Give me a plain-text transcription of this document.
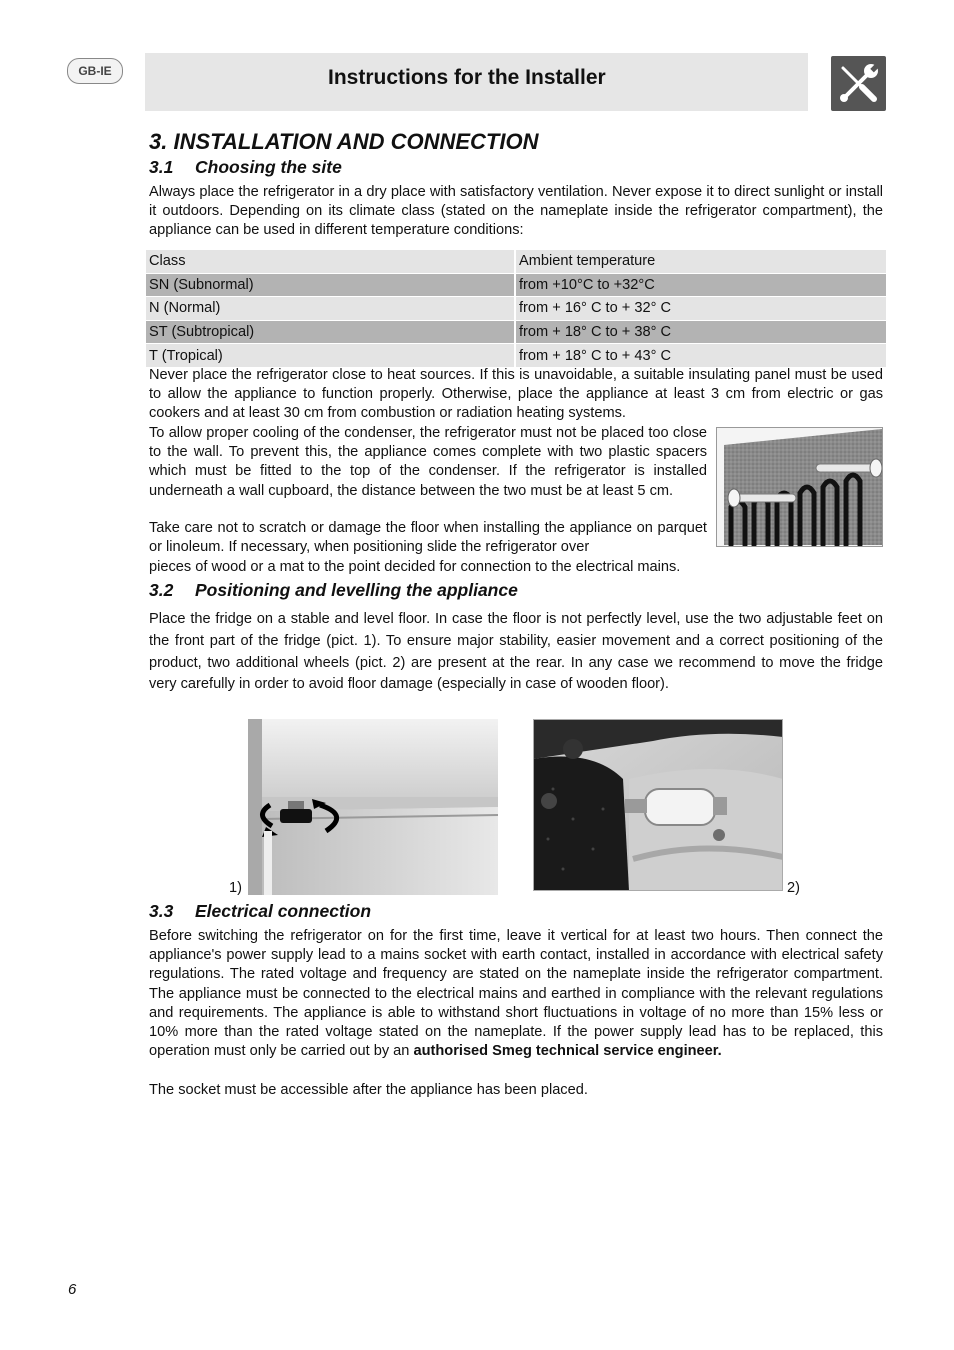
GB-IE	Instructions for the Installer
3. INSTALLATION AND CONNECTION
3.1 Choosing the site

Always place the refrigerator in a dry place with satisfactory ventilation. Never expose it to direct sunlight or install it outdoors. Depending on its climate class (stated on the nameplate inside the refrigerator compartment), the appliance can be used in different temperature conditions:

Class	Ambient temperature
SN (Subnormal)	from +10°C to +32°C
N (Normal)	from + 16° C to + 32° C
ST (Subtropical)	from + 18° C to + 38° C
T (Tropical)	from + 18° C to + 43° C

Never place the refrigerator close to heat sources. If this is unavoidable, a suitable insulating panel must be used to allow the appliance to function properly. Otherwise, place the appliance at least 3 cm from electric or gas cookers and at least 30 cm from combustion or radiation heating systems.

To allow proper cooling of the condenser, the refrigerator must not be placed too close to the wall. To prevent this, the appliance comes complete with two plastic spacers which must be fitted to the top of the condenser. If the refrigerator is installed underneath a wall cupboard, the distance between the two must be at least 5 cm.

Take care not to scratch or damage the floor when installing the appliance on parquet or linoleum. If necessary, when positioning slide the refrigerator over

pieces of wood or a mat to the point decided for connection to the electrical mains.

3.2 Positioning and levelling the appliance

Place the fridge on a stable and level floor. In case the floor is not perfectly level, use the two adjustable feet on the front part of the fridge (pict. 1). To ensure major stability, easier movement and a correct positioning of the product, two additional wheels (pict. 2) are present at the rear. In any case we recommend to move the fridge very carefully in order to avoid floor damage (especially in case of wooden floor).

1)	2)
3.3 Electrical connection

Before switching the refrigerator on for the first time, leave it vertical for at least two hours. Then connect the appliance's power supply lead to a mains socket with earth contact, installed in accordance with electrical safety regulations. The rated voltage and frequency are stated on the nameplate inside the refrigerator compartment. The appliance must be connected to the electrical mains and earthed in compliance with the relevant regulations and requirements. The appliance is able to withstand short fluctuations in voltage of no more than 15% less or 10% more than the rated voltage stated on the nameplate. If the power supply lead has to be replaced, this operation must only be carried out by an authorised Smeg technical service engineer.

The socket must be accessible after the appliance has been placed.

6
